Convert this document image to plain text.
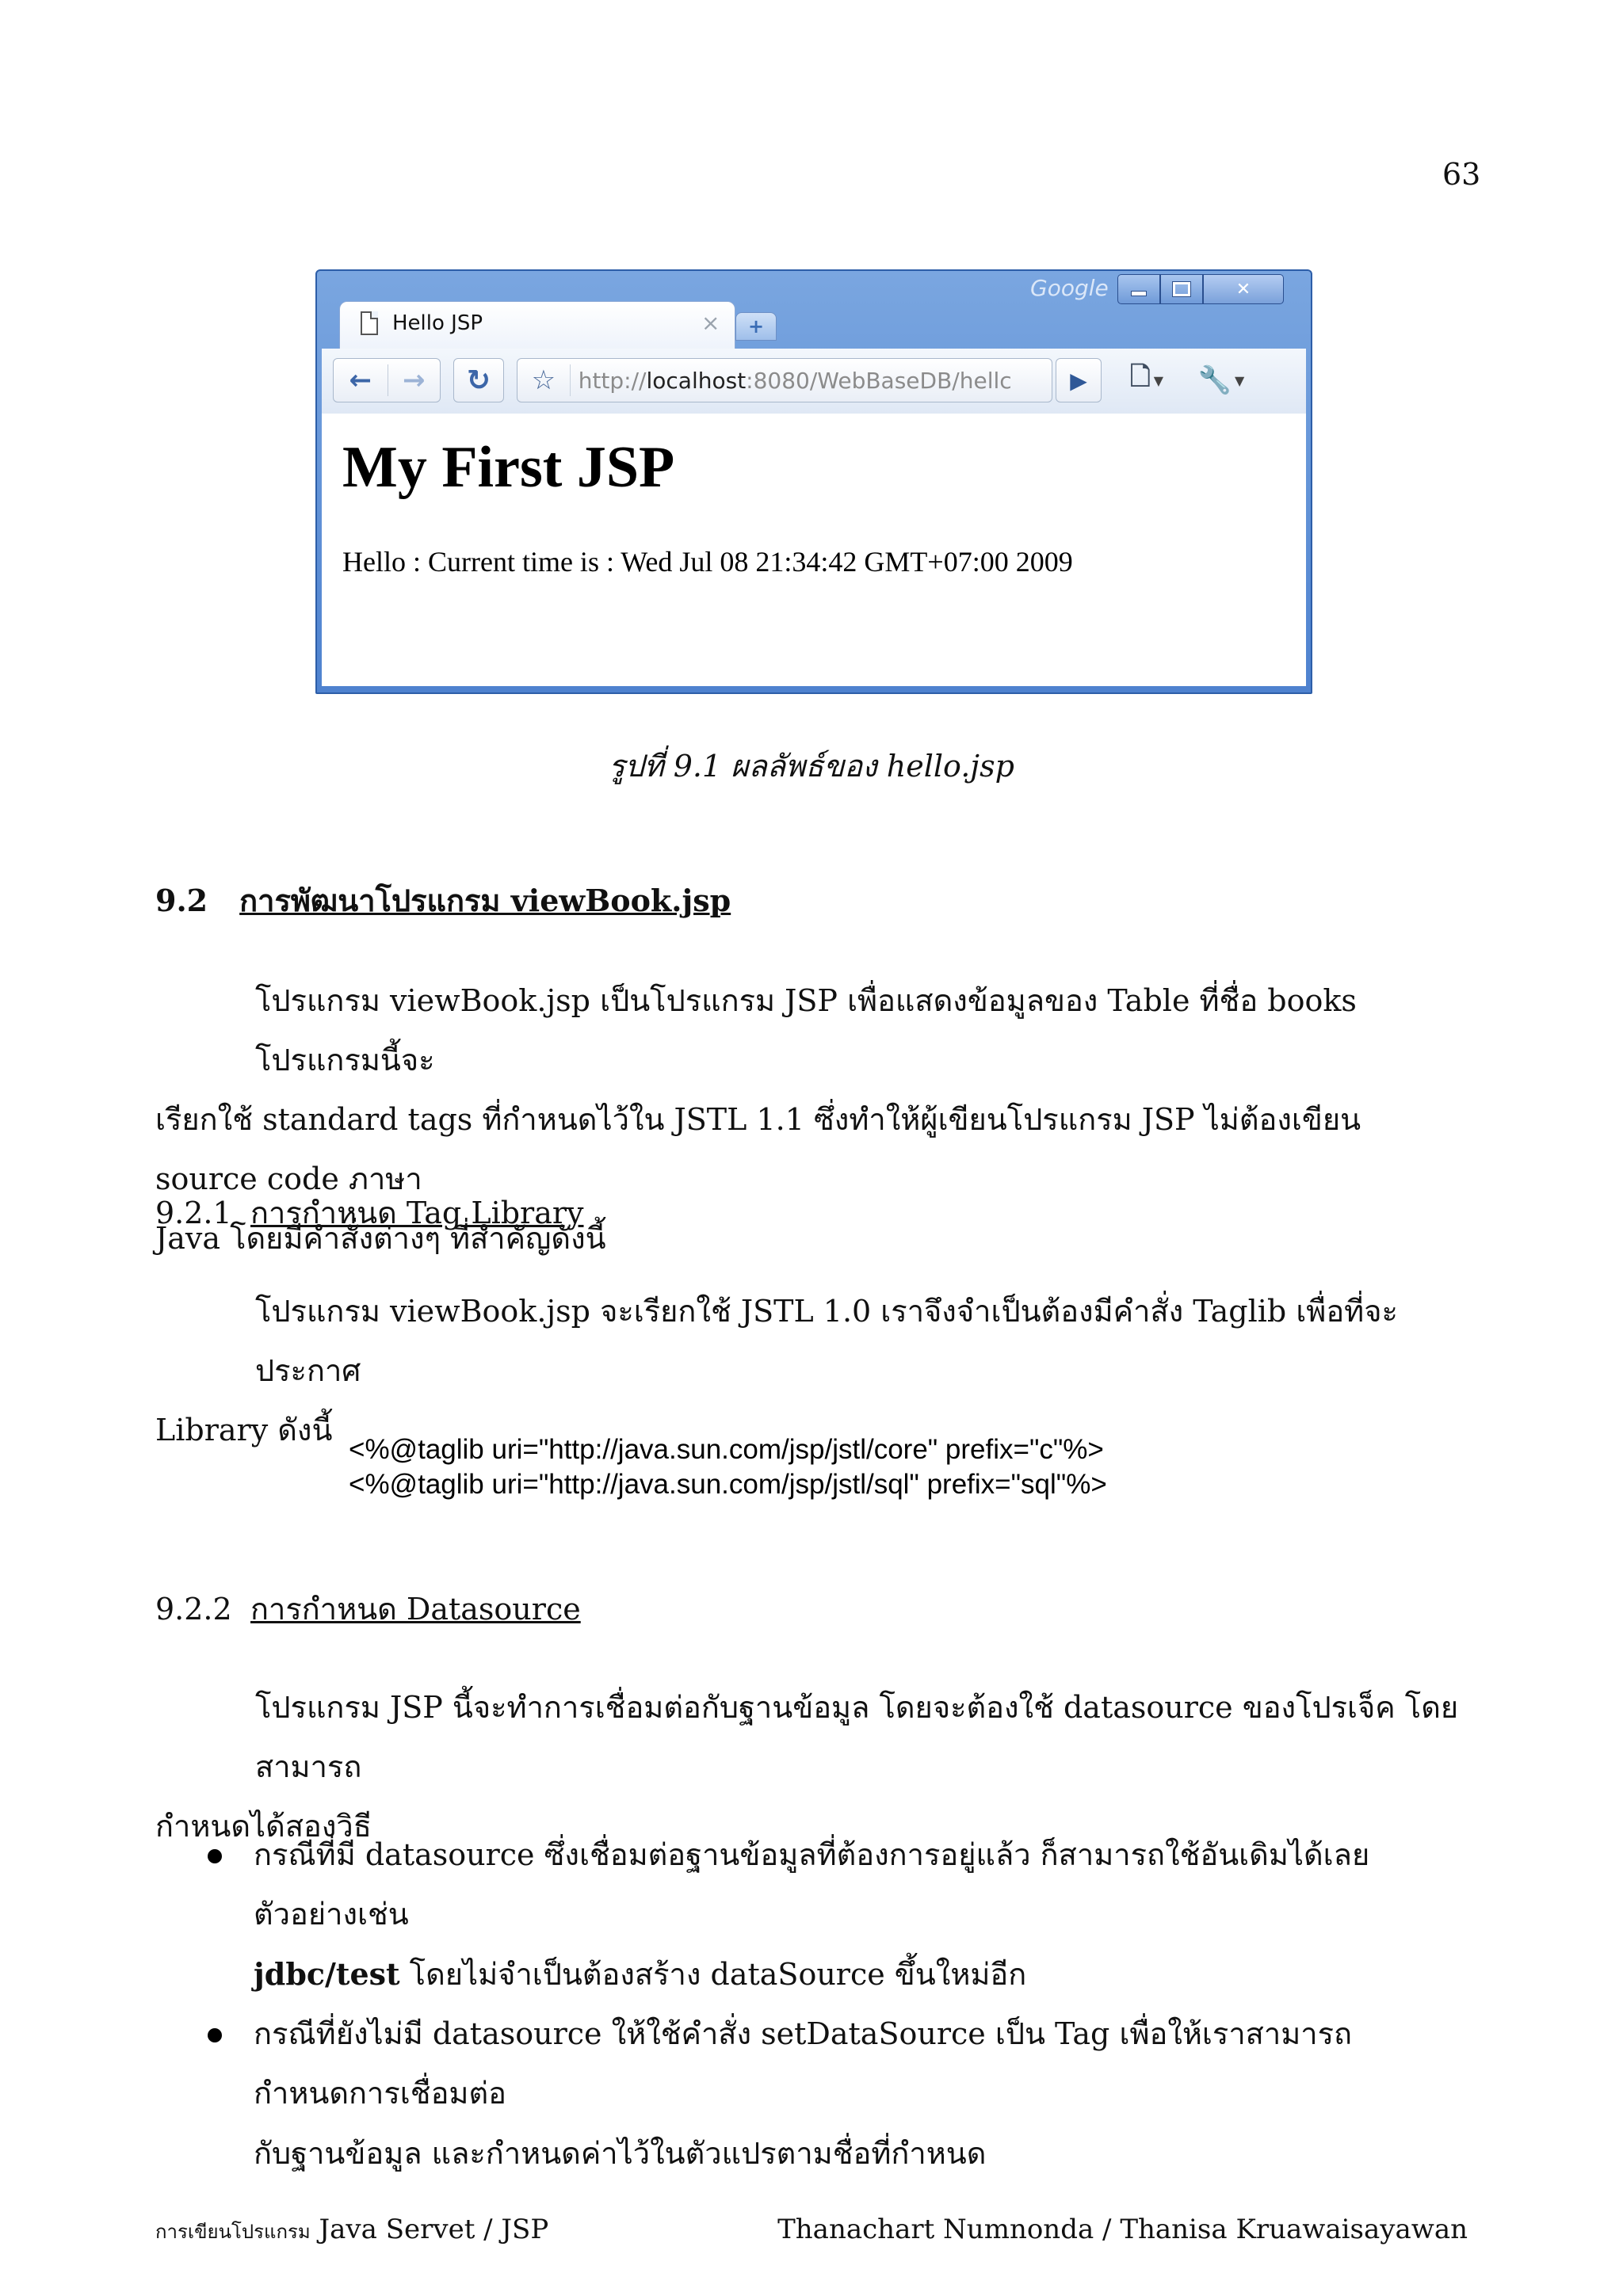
63
Google	✕
Hello JSP	×	+
←	→	↻	☆	http://localhost:8080/WebBaseDB/hellc	▶ 🗋 ▼ 🔧 ▼
My First JSP
Hello : Current time is : Wed Jul 08 21:34:42 GMT+07:00 2009
รูปที่ 9.1 ผลลัพธ์ของ hello.jsp
9.2 การพัฒนาโปรแกรม viewBook.jsp
โปรแกรม viewBook.jsp เป็นโปรแกรม JSP เพื่อแสดงข้อมูลของ Table ที่ชื่อ books โปรแกรมนี้จะ
เรียกใช้ standard tags ที่กำหนดไว้ใน JSTL 1.1 ซึ่งทำให้ผู้เขียนโปรแกรม JSP ไม่ต้องเขียน source code ภาษา
Java โดยมีคำสั่งต่างๆ ที่สำคัญดังนี้
9.2.1 การกำหนด Tag Library
โปรแกรม viewBook.jsp จะเรียกใช้ JSTL 1.0 เราจึงจำเป็นต้องมีคำสั่ง Taglib เพื่อที่จะประกาศ
Library ดังนี้
<%@taglib uri="http://java.sun.com/jsp/jstl/core" prefix="c"%>
<%@taglib uri="http://java.sun.com/jsp/jstl/sql" prefix="sql"%>
9.2.2 การกำหนด Datasource
โปรแกรม JSP นี้จะทำการเชื่อมต่อกับฐานข้อมูล โดยจะต้องใช้ datasource ของโปรเจ็ค โดยสามารถ
กำหนดได้สองวิธี
กรณีที่มี datasource ซึ่งเชื่อมต่อฐานข้อมูลที่ต้องการอยู่แล้ว ก็สามารถใช้อันเดิมได้เลย ตัวอย่างเช่น
jdbc/test โดยไม่จำเป็นต้องสร้าง dataSource ขึ้นใหม่อีก
กรณีที่ยังไม่มี datasource ให้ใช้คำสั่ง setDataSource เป็น Tag เพื่อให้เราสามารถกำหนดการเชื่อมต่อ
กับฐานข้อมูล และกำหนดค่าไว้ในตัวแปรตามชื่อที่กำหนด
การเขียนโปรแกรม Java Servet / JSP	Thanachart Numnonda / Thanisa Kruawaisayawan
